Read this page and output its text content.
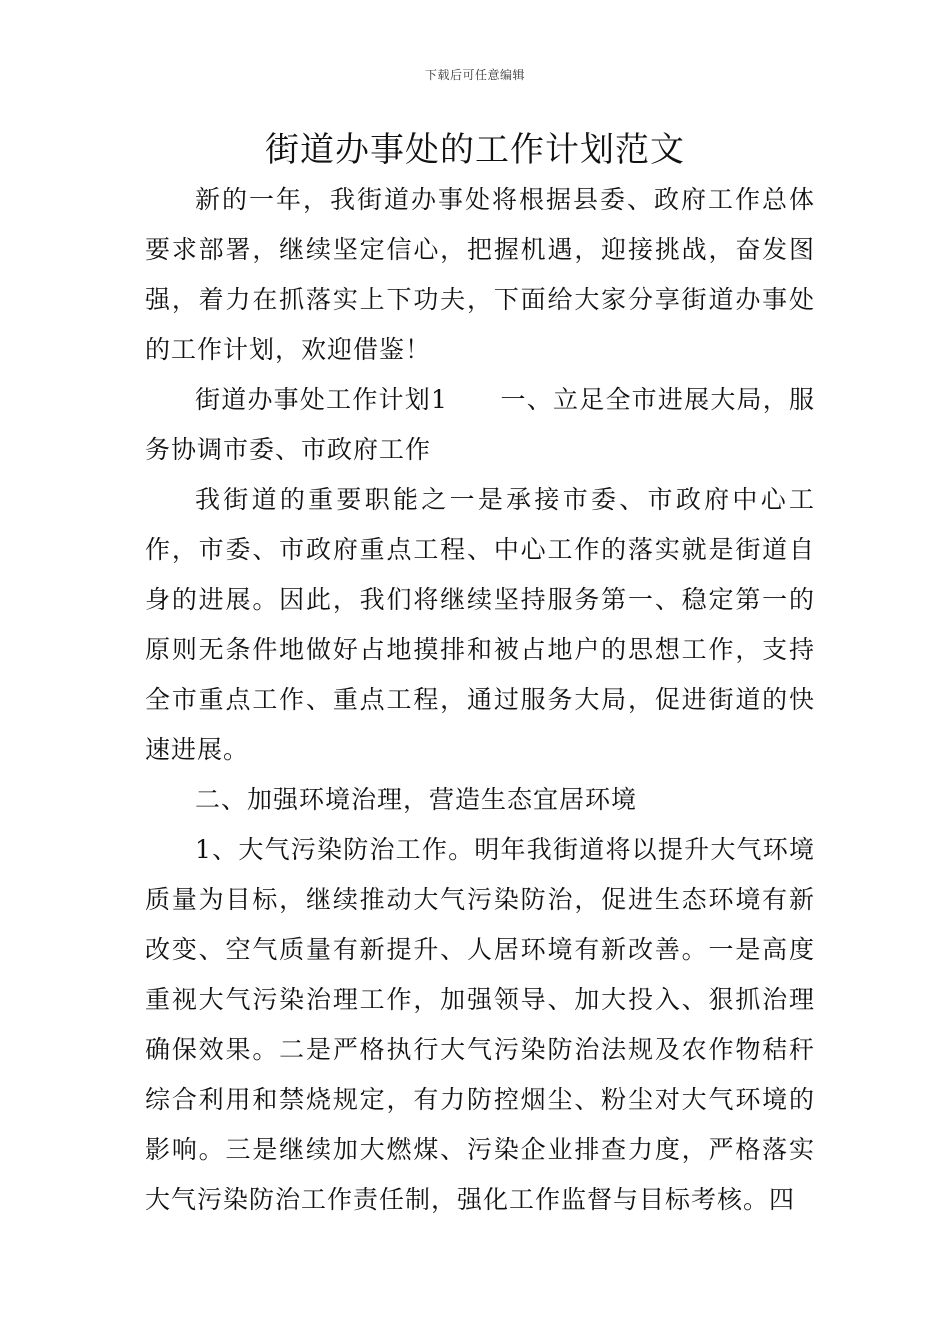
下载后可任意编辑
街道办事处的工作计划范文

新的一年，我街道办事处将根据县委、政府工作总体要求部署，继续坚定信心，把握机遇，迎接挑战，奋发图强，着力在抓落实上下功夫，下面给大家分享街道办事处的工作计划，欢迎借鉴！

街道办事处工作计划1　　一、立足全市进展大局，服务协调市委、市政府工作

我街道的重要职能之一是承接市委、市政府中心工作，市委、市政府重点工程、中心工作的落实就是街道自身的进展。因此，我们将继续坚持服务第一、稳定第一的原则无条件地做好占地摸排和被占地户的思想工作，支持全市重点工作、重点工程，通过服务大局，促进街道的快速进展。

二、加强环境治理，营造生态宜居环境

1、大气污染防治工作。明年我街道将以提升大气环境质量为目标，继续推动大气污染防治，促进生态环境有新改变、空气质量有新提升、人居环境有新改善。一是高度重视大气污染治理工作，加强领导、加大投入、狠抓治理确保效果。二是严格执行大气污染防治法规及农作物秸秆综合利用和禁烧规定，有力防控烟尘、粉尘对大气环境的影响。三是继续加大燃煤、污染企业排查力度，严格落实大气污染防治工作责任制，强化工作监督与目标考核。四
